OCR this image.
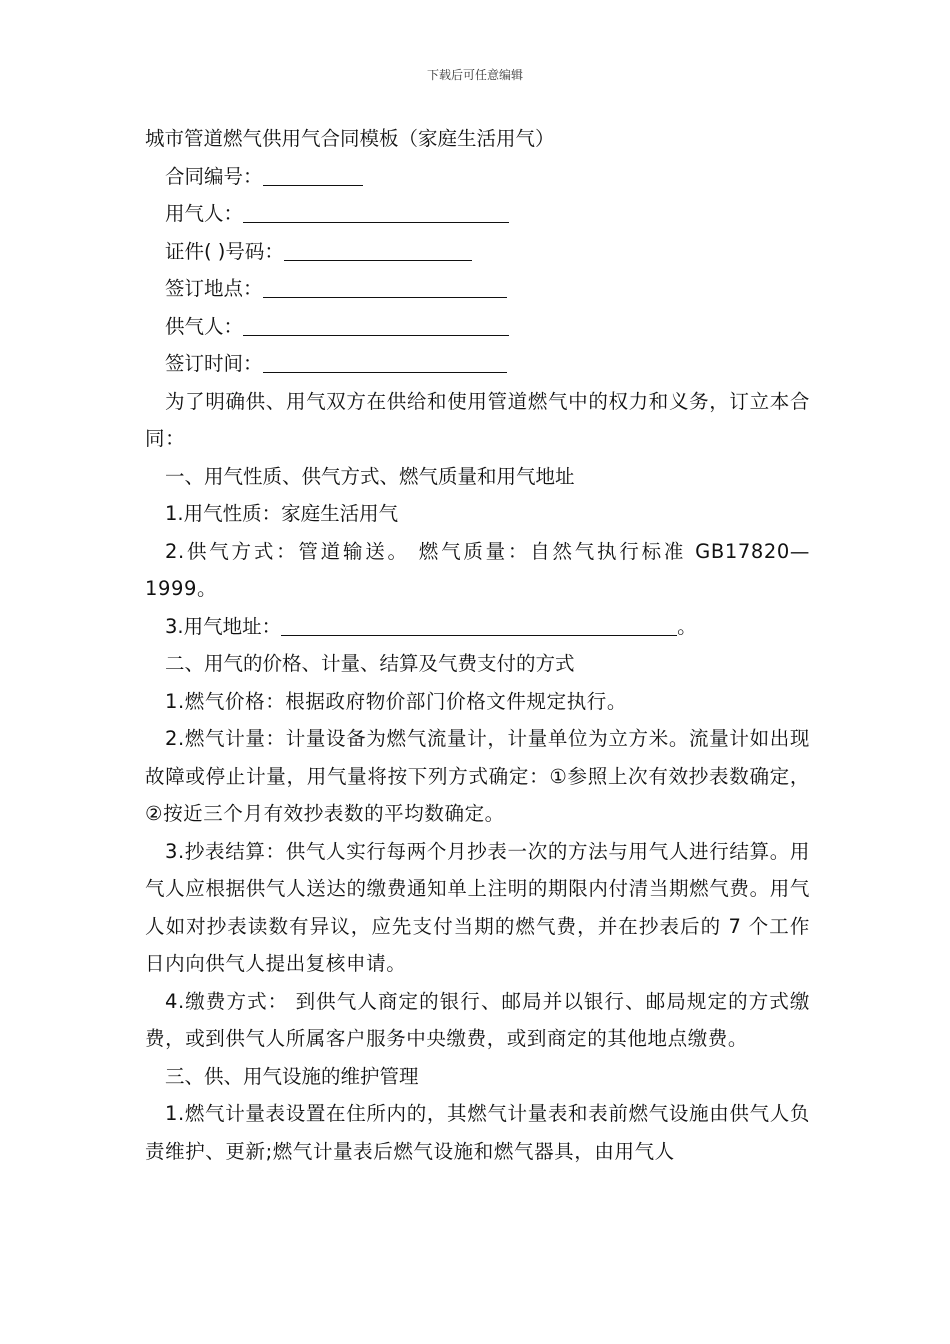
下载后可任意编辑
城市管道燃气供用气合同模板（家庭生活用气）
合同编号：
用气人：
证件( )号码：
签订地点：
供气人：
签订时间：
为了明确供、用气双方在供给和使用管道燃气中的权力和义务，订立本合同：
一、用气性质、供气方式、燃气质量和用气地址
1.用气性质：家庭生活用气
2.供气方式：管道输送。 燃气质量：自然气执行标准 GB17820—1999。
3.用气地址：	。
二、用气的价格、计量、结算及气费支付的方式
1.燃气价格：根据政府物价部门价格文件规定执行。
2.燃气计量：计量设备为燃气流量计，计量单位为立方米。流量计如出现故障或停止计量，用气量将按下列方式确定：①参照上次有效抄表数确定，②按近三个月有效抄表数的平均数确定。
3.抄表结算：供气人实行每两个月抄表一次的方法与用气人进行结算。用气人应根据供气人送达的缴费通知单上注明的期限内付清当期燃气费。用气人如对抄表读数有异议，应先支付当期的燃气费，并在抄表后的 7 个工作日内向供气人提出复核申请。
4.缴费方式： 到供气人商定的银行、邮局并以银行、邮局规定的方式缴费，或到供气人所属客户服务中央缴费，或到商定的其他地点缴费。
三、供、用气设施的维护管理
1.燃气计量表设置在住所内的，其燃气计量表和表前燃气设施由供气人负责维护、更新;燃气计量表后燃气设施和燃气器具，由用气人
